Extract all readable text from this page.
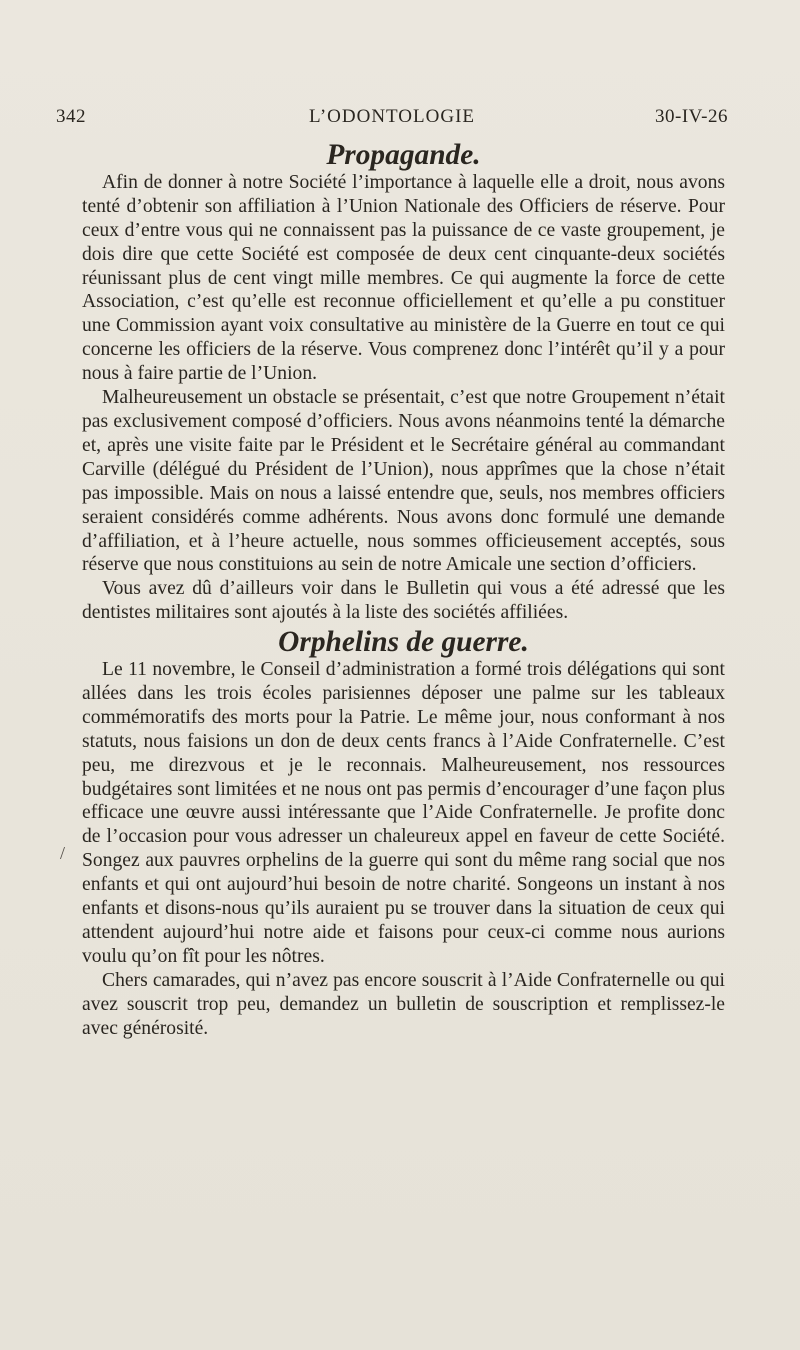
342	L’ODONTOLOGIE	30-IV-26
Propagande.

Afin de donner à notre Société l’importance à laquelle elle a droit, nous avons tenté d’obtenir son affiliation à l’Union Nationale des Officiers de réserve. Pour ceux d’entre vous qui ne connaissent pas la puissance de ce vaste groupement, je dois dire que cette Société est composée de deux cent cinquante-deux sociétés réunissant plus de cent vingt mille membres. Ce qui augmente la force de cette Association, c’est qu’elle est reconnue officiellement et qu’elle a pu constituer une Commission ayant voix consultative au ministère de la Guerre en tout ce qui concerne les officiers de la réserve. Vous comprenez donc l’intérêt qu’il y a pour nous à faire partie de l’Union.

Malheureusement un obstacle se présentait, c’est que notre Groupement n’était pas exclusivement composé d’officiers. Nous avons néanmoins tenté la démarche et, après une visite faite par le Président et le Secrétaire général au commandant Carville (délégué du Président de l’Union), nous apprîmes que la chose n’était pas impossible. Mais on nous a laissé entendre que, seuls, nos membres officiers seraient considérés comme adhérents. Nous avons donc formulé une demande d’affiliation, et à l’heure actuelle, nous sommes officieusement acceptés, sous réserve que nous constituions au sein de notre Amicale une section d’officiers.

Vous avez dû d’ailleurs voir dans le Bulletin qui vous a été adressé que les dentistes militaires sont ajoutés à la liste des sociétés affiliées.

Orphelins de guerre.

Le 11 novembre, le Conseil d’administration a formé trois délégations qui sont allées dans les trois écoles parisiennes déposer une palme sur les tableaux commémoratifs des morts pour la Patrie. Le même jour, nous conformant à nos statuts, nous faisions un don de deux cents francs à l’Aide Confraternelle. C’est peu, me direzvous et je le reconnais. Malheureusement, nos ressources budgétaires sont limitées et ne nous ont pas permis d’encourager d’une façon plus efficace une œuvre aussi intéressante que l’Aide Confraternelle. Je profite donc de l’occasion pour vous adresser un chaleureux appel en faveur de cette Société. Songez aux pauvres orphelins de la guerre qui sont du même rang social que nos enfants et qui ont aujourd’hui besoin de notre charité. Songeons un instant à nos enfants et disons-nous qu’ils auraient pu se trouver dans la situation de ceux qui attendent aujourd’hui notre aide et faisons pour ceux-ci comme nous aurions voulu qu’on fît pour les nôtres.

Chers camarades, qui n’avez pas encore souscrit à l’Aide Confraternelle ou qui avez souscrit trop peu, demandez un bulletin de souscription et remplissez-le avec générosité.

/
